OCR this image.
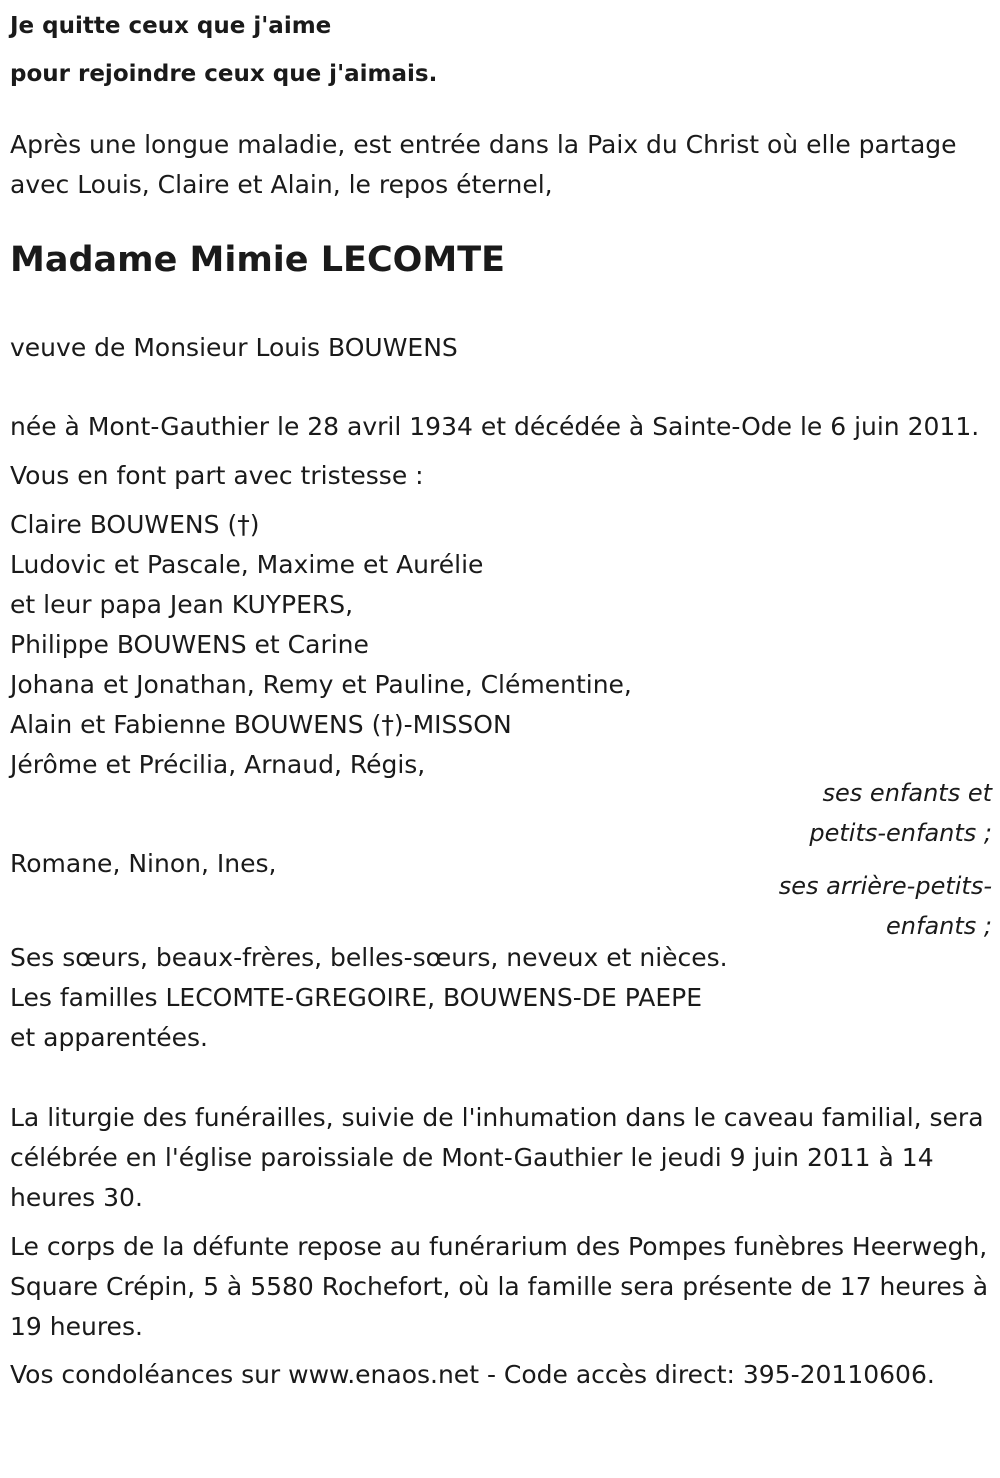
Je quitte ceux que j'aime
pour rejoindre ceux que j'aimais.

Après une longue maladie, est entrée dans la Paix du Christ où elle partage avec Louis, Claire et Alain, le repos éternel,

Madame Mimie LECOMTE

veuve de Monsieur Louis BOUWENS

née à Mont-Gauthier le 28 avril 1934 et décédée à Sainte-Ode le 6 juin 2011.

Vous en font part avec tristesse :

Claire BOUWENS (†)
Ludovic et Pascale, Maxime et Aurélie
et leur papa Jean KUYPERS,
Philippe BOUWENS et Carine
Johana et Jonathan, Remy et Pauline, Clémentine,
Alain et Fabienne BOUWENS (†)-MISSON
Jérôme et Précilia, Arnaud, Régis,
ses enfants et
petits-enfants ;
Romane, Ninon, Ines,
ses arrière-petits-
enfants ;
Ses sœurs, beaux-frères, belles-sœurs, neveux et nièces.
Les familles LECOMTE-GREGOIRE, BOUWENS-DE PAEPE
et apparentées.

La liturgie des funérailles, suivie de l'inhumation dans le caveau familial, sera célébrée en l'église paroissiale de Mont-Gauthier le jeudi 9 juin 2011 à 14 heures 30.

Le corps de la défunte repose au funérarium des Pompes funèbres Heerwegh, Square Crépin, 5 à 5580 Rochefort, où la famille sera présente de 17 heures à 19 heures.

Vos condoléances sur www.enaos.net - Code accès direct: 395-20110606.
